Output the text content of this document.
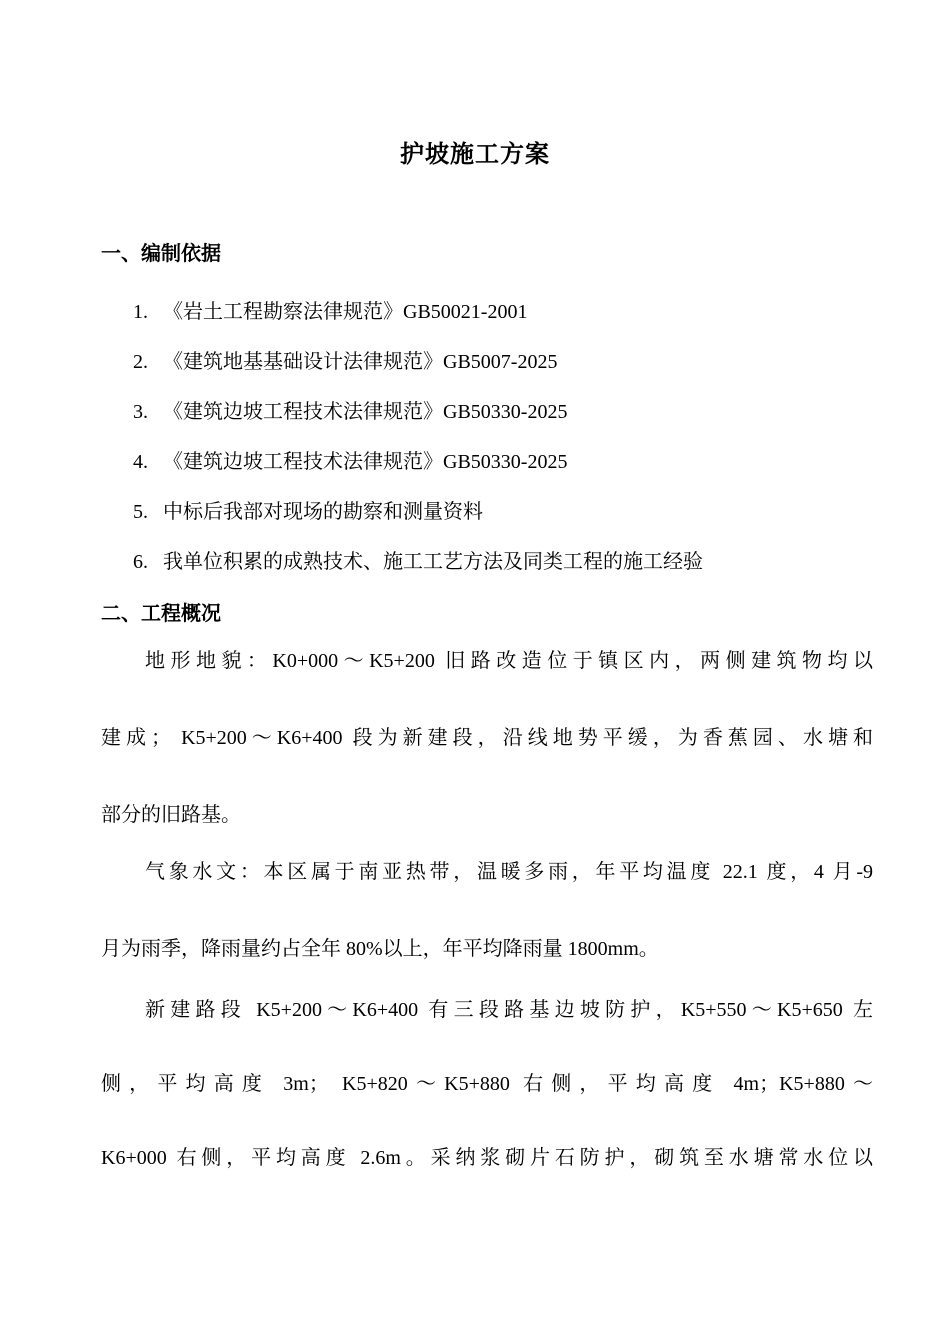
护坡施工方案
一、编制依据
1. 《岩土工程勘察法律规范》GB50021-2001
2. 《建筑地基基础设计法律规范》GB5007-2025
3. 《建筑边坡工程技术法律规范》GB50330-2025
4. 《建筑边坡工程技术法律规范》GB50330-2025
5. 中标后我部对现场的勘察和测量资料
6. 我单位积累的成熟技术、施工工艺方法及同类工程的施工经验
二、工程概况
地形地貌：K0+000～K5+200 旧路改造位于镇区内，两侧建筑物均以
建成； K5+200～K6+400 段为新建段，沿线地势平缓，为香蕉园、水塘和
部分的旧路基。
气象水文：本区属于南亚热带，温暖多雨，年平均温度 22.1 度，4 月-9
月为雨季，降雨量约占全年 80%以上，年平均降雨量 1800mm。
新建路段 K5+200～K6+400 有三段路基边坡防护，K5+550～K5+650 左
侧，平均高度 3m； K5+820～K5+880 右侧，平均高度 4m；K5+880～
K6+000 右侧，平均高度 2.6m。采纳浆砌片石防护，砌筑至水塘常水位以
